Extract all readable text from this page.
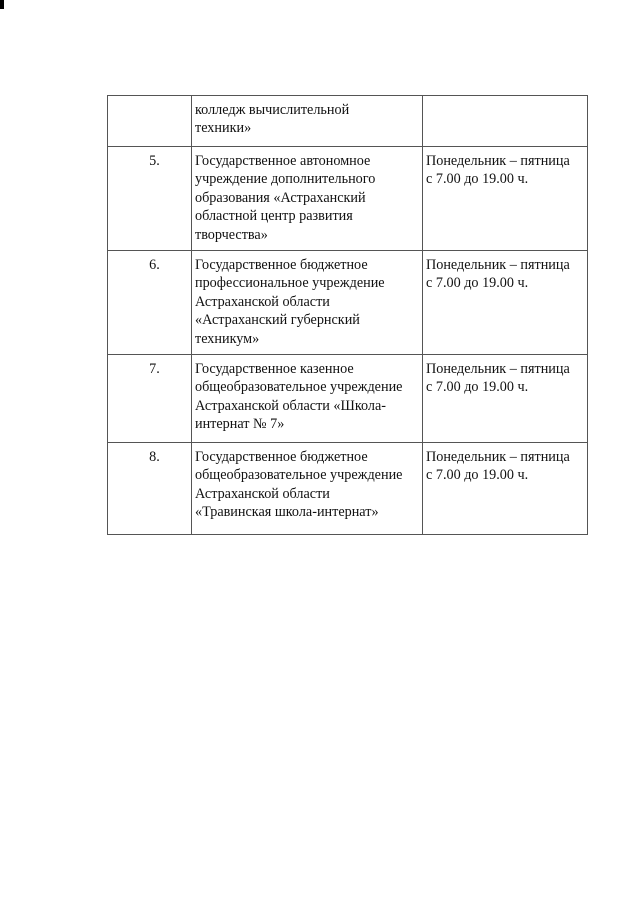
	колледж вычислительной
техники»	

5.	Государственное автономное
учреждение дополнительного
образования «Астраханский
областной центр развития
творчества»	Понедельник – пятница
с 7.00 до 19.00 ч.

6.	Государственное бюджетное
профессиональное учреждение
Астраханской области
«Астраханский губернский
техникум»	Понедельник – пятница
с 7.00 до 19.00 ч.

7.	Государственное казенное
общеобразовательное учреждение
Астраханской области «Школа-
интернат № 7»	Понедельник – пятница
с 7.00 до 19.00 ч.

8.	Государственное бюджетное
общеобразовательное учреждение
Астраханской области
«Травинская школа-интернат»	Понедельник – пятница
с 7.00 до 19.00 ч.
